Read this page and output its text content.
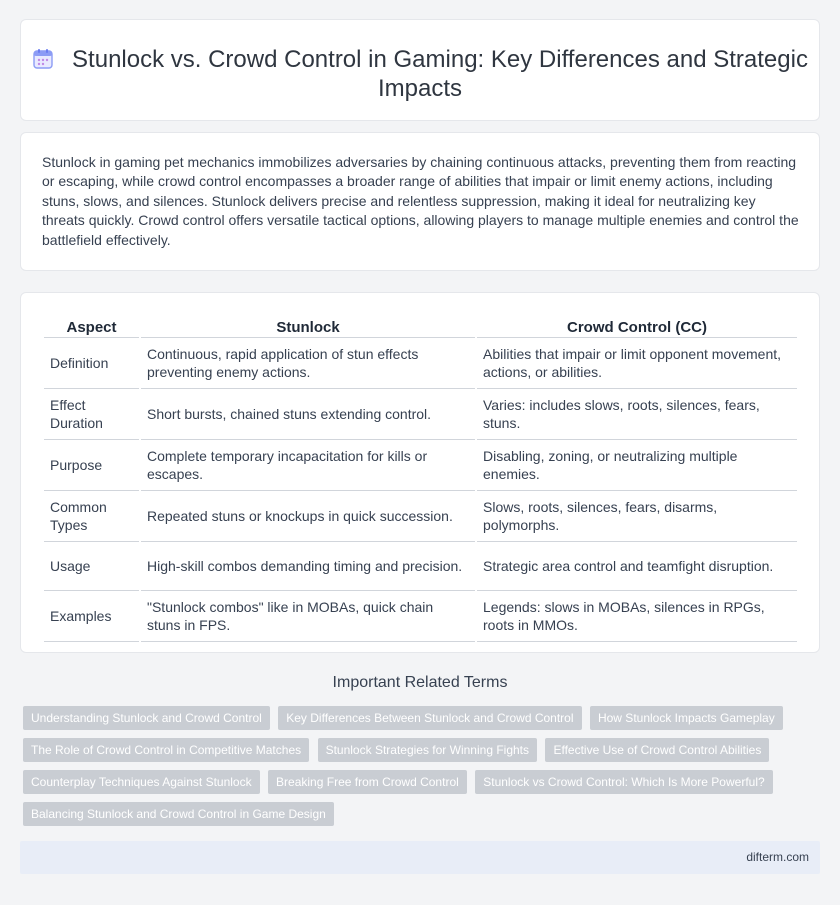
Stunlock vs. Crowd Control in Gaming: Key Differences and Strategic Impacts

Stunlock in gaming pet mechanics immobilizes adversaries by chaining continuous attacks, preventing them from reacting or escaping, while crowd control encompasses a broader range of abilities that impair or limit enemy actions, including stuns, slows, and silences. Stunlock delivers precise and relentless suppression, making it ideal for neutralizing key threats quickly. Crowd control offers versatile tactical options, allowing players to manage multiple enemies and control the battlefield effectively.

Aspect	Stunlock	Crowd Control (CC)
Definition	Continuous, rapid application of stun effects preventing enemy actions.	Abilities that impair or limit opponent movement, actions, or abilities.
Effect Duration	Short bursts, chained stuns extending control.	Varies: includes slows, roots, silences, fears, stuns.
Purpose	Complete temporary incapacitation for kills or escapes.	Disabling, zoning, or neutralizing multiple enemies.
Common Types	Repeated stuns or knockups in quick succession.	Slows, roots, silences, fears, disarms, polymorphs.
Usage	High-skill combos demanding timing and precision.	Strategic area control and teamfight disruption.
Examples	"Stunlock combos" like in MOBAs, quick chain stuns in FPS.	Legends: slows in MOBAs, silences in RPGs, roots in MMOs.
Important Related Terms
Understanding Stunlock and Crowd Control Key Differences Between Stunlock and Crowd Control How Stunlock Impacts Gameplay The Role of Crowd Control in Competitive Matches Stunlock Strategies for Winning Fights Effective Use of Crowd Control Abilities Counterplay Techniques Against Stunlock Breaking Free from Crowd Control Stunlock vs Crowd Control: Which Is More Powerful? Balancing Stunlock and Crowd Control in Game Design
difterm.com
